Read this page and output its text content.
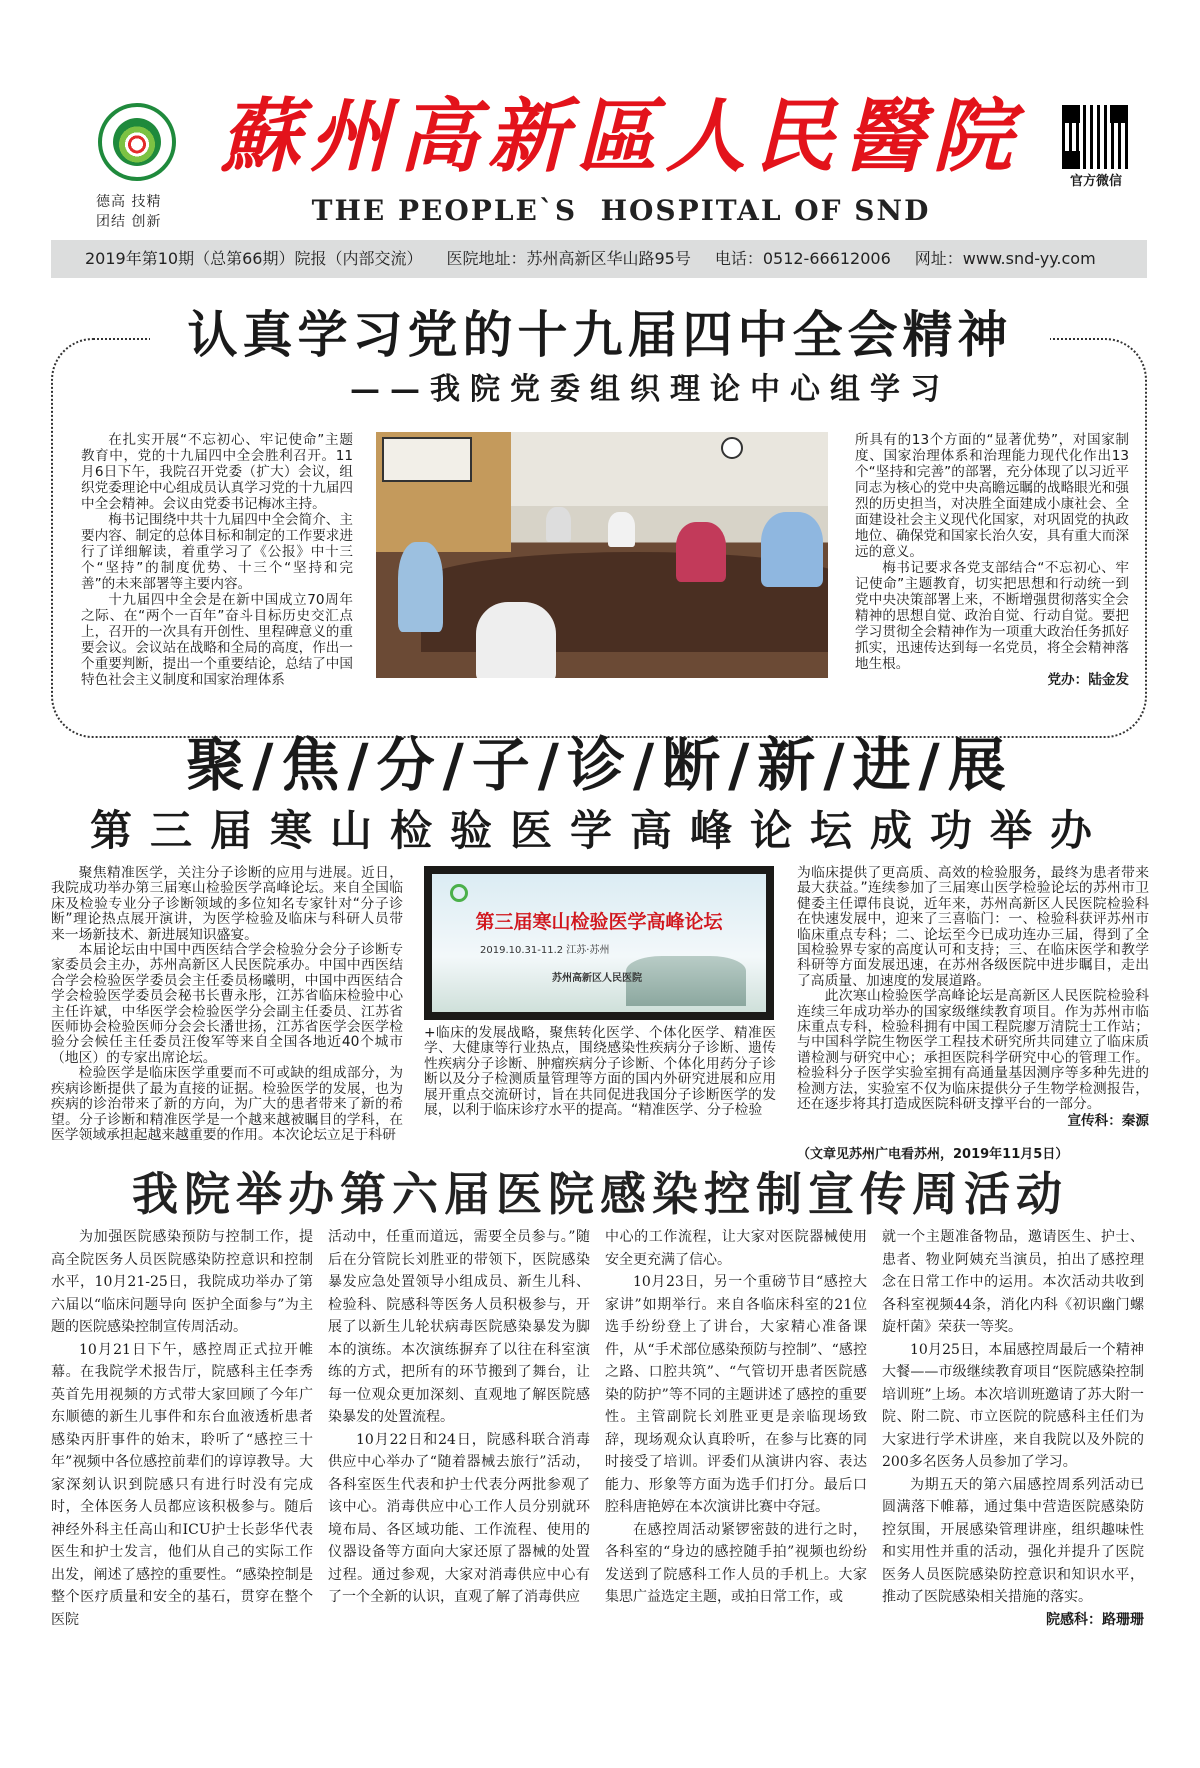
德高 技精
团结 创新
蘇州高新區人民醫院
THE PEOPLE`S  HOSPITAL OF SND
官方微信
2019年第10期（总第66期）院报（内部交流） 医院地址：苏州高新区华山路95号 电话：0512-66612006 网址：www.snd-yy.com
认真学习党的十九届四中全会精神
——我院党委组织理论中心组学习

在扎实开展“不忘初心、牢记使命”主题教育中，党的十九届四中全会胜利召开。11月6日下午，我院召开党委（扩大）会议，组织党委理论中心组成员认真学习党的十九届四中全会精神。会议由党委书记梅冰主持。

梅书记围绕中共十九届四中全会简介、主要内容、制定的总体目标和制定的工作要求进行了详细解读，着重学习了《公报》中十三个“坚持”的制度优势、十三个“坚持和完善”的未来部署等主要内容。

十九届四中全会是在新中国成立70周年之际、在“两个一百年”奋斗目标历史交汇点上，召开的一次具有开创性、里程碑意义的重要会议。会议站在战略和全局的高度，作出一个重要判断，提出一个重要结论，总结了中国特色社会主义制度和国家治理体系

所具有的13个方面的“显著优势”，对国家制度、国家治理体系和治理能力现代化作出13个“坚持和完善”的部署，充分体现了以习近平同志为核心的党中央高瞻远瞩的战略眼光和强烈的历史担当，对决胜全面建成小康社会、全面建设社会主义现代化国家，对巩固党的执政地位、确保党和国家长治久安，具有重大而深远的意义。

梅书记要求各党支部结合“不忘初心、牢记使命”主题教育，切实把思想和行动统一到党中央决策部署上来，不断增强贯彻落实全会精神的思想自觉、政治自觉、行动自觉。要把学习贯彻全会精神作为一项重大政治任务抓好抓实，迅速传达到每一名党员，将全会精神落地生根。

党办：陆金发
聚/焦/分/子/诊/断/新/进/展
第三届寒山检验医学高峰论坛成功举办

聚焦精准医学，关注分子诊断的应用与进展。近日，我院成功举办第三届寒山检验医学高峰论坛。来自全国临床及检验专业分子诊断领域的多位知名专家针对“分子诊断”理论热点展开演讲，为医学检验及临床与科研人员带来一场新技术、新进展知识盛宴。

本届论坛由中国中西医结合学会检验分会分子诊断专家委员会主办，苏州高新区人民医院承办。中国中西医结合学会检验医学委员会主任委员杨曦明，中国中西医结合学会检验医学委员会秘书长曹永彤，江苏省临床检验中心主任许斌，中华医学会检验医学分会副主任委员、江苏省医师协会检验医师分会会长潘世扬，江苏省医学会医学检验分会候任主任委员汪俊军等来自全国各地近40个城市（地区）的专家出席论坛。

检验医学是临床医学重要而不可或缺的组成部分，为疾病诊断提供了最为直接的证据。检验医学的发展，也为疾病的诊治带来了新的方向，为广大的患者带来了新的希望。分子诊断和精准医学是一个越来越被瞩目的学科，在医学领域承担起越来越重要的作用。本次论坛立足于科研

第三届寒山检验医学高峰论坛
2019.10.31-11.2 江苏·苏州
苏州高新区人民医院

+临床的发展战略，聚焦转化医学、个体化医学、精准医学、大健康等行业热点，围绕感染性疾病分子诊断、遗传性疾病分子诊断、肿瘤疾病分子诊断、个体化用药分子诊断以及分子检测质量管理等方面的国内外研究进展和应用展开重点交流研讨，旨在共同促进我国分子诊断医学的发展，以利于临床诊疗水平的提高。“精准医学、分子检验

为临床提供了更高质、高效的检验服务，最终为患者带来最大获益。”连续参加了三届寒山医学检验论坛的苏州市卫健委主任谭伟良说，近年来，苏州高新区人民医院检验科在快速发展中，迎来了三喜临门：一、检验科获评苏州市临床重点专科；二、论坛至今已成功连办三届，得到了全国检验界专家的高度认可和支持；三、在临床医学和教学科研等方面发展迅速，在苏州各级医院中进步瞩目，走出了高质量、加速度的发展道路。

此次寒山检验医学高峰论坛是高新区人民医院检验科连续三年成功举办的国家级继续教育项目。作为苏州市临床重点专科，检验科拥有中国工程院廖万清院士工作站；与中国科学院生物医学工程技术研究所共同建立了临床质谱检测与研究中心；承担医院科学研究中心的管理工作。检验科分子医学实验室拥有高通量基因测序等多种先进的检测方法，实验室不仅为临床提供分子生物学检测报告，还在逐步将其打造成医院科研支撑平台的一部分。

宣传科：秦源
（文章见苏州广电看苏州，2019年11月5日）
我院举办第六届医院感染控制宣传周活动

为加强医院感染预防与控制工作，提高全院医务人员医院感染防控意识和控制水平，10月21-25日，我院成功举办了第六届以“临床问题导向 医护全面参与”为主题的医院感染控制宣传周活动。

10月21日下午，感控周正式拉开帷幕。在我院学术报告厅，院感科主任李秀英首先用视频的方式带大家回顾了今年广东顺德的新生儿事件和东台血液透析患者感染丙肝事件的始末，聆听了“感控三十年”视频中各位感控前辈们的谆谆教导。大家深刻认识到院感只有进行时没有完成时，全体医务人员都应该积极参与。随后神经外科主任高山和ICU护士长彭华代表医生和护士发言，他们从自己的实际工作出发，阐述了感控的重要性。“感染控制是整个医疗质量和安全的基石，贯穿在整个医院

活动中，任重而道远，需要全员参与。”随后在分管院长刘胜亚的带领下，医院感染暴发应急处置领导小组成员、新生儿科、检验科、院感科等医务人员积极参与，开展了以新生儿轮状病毒医院感染暴发为脚本的演练。本次演练摒弃了以往在科室演练的方式，把所有的环节搬到了舞台，让每一位观众更加深刻、直观地了解医院感染暴发的处置流程。

10月22日和24日，院感科联合消毒供应中心举办了“随着器械去旅行”活动，各科室医生代表和护士代表分两批参观了该中心。消毒供应中心工作人员分别就环境布局、各区域功能、工作流程、使用的仪器设备等方面向大家还原了器械的处置过程。通过参观，大家对消毒供应中心有了一个全新的认识，直观了解了消毒供应

中心的工作流程，让大家对医院器械使用安全更充满了信心。

10月23日，另一个重磅节目“感控大家讲”如期举行。来自各临床科室的21位选手纷纷登上了讲台，大家精心准备课件，从“手术部位感染预防与控制”、“感控之路、口腔共筑”、“气管切开患者医院感染的防护”等不同的主题讲述了感控的重要性。主管副院长刘胜亚更是亲临现场致辞，现场观众认真聆听，在参与比赛的同时接受了培训。评委们从演讲内容、表达能力、形象等方面为选手们打分。最后口腔科唐艳婷在本次演讲比赛中夺冠。

在感控周活动紧锣密鼓的进行之时，各科室的“身边的感控随手拍”视频也纷纷发送到了院感科工作人员的手机上。大家集思广益选定主题，或拍日常工作，或

就一个主题准备物品，邀请医生、护士、患者、物业阿姨充当演员，拍出了感控理念在日常工作中的运用。本次活动共收到各科室视频44条，消化内科《初识幽门螺旋杆菌》荣获一等奖。

10月25日，本届感控周最后一个精神大餐——市级继续教育项目“医院感染控制培训班”上场。本次培训班邀请了苏大附一院、附二院、市立医院的院感科主任们为大家进行学术讲座，来自我院以及外院的200多名医务人员参加了学习。

为期五天的第六届感控周系列活动已圆满落下帷幕，通过集中营造医院感染防控氛围，开展感染管理讲座，组织趣味性和实用性并重的活动，强化并提升了医院医务人员医院感染防控意识和知识水平，推动了医院感染相关措施的落实。

院感科：路珊珊
